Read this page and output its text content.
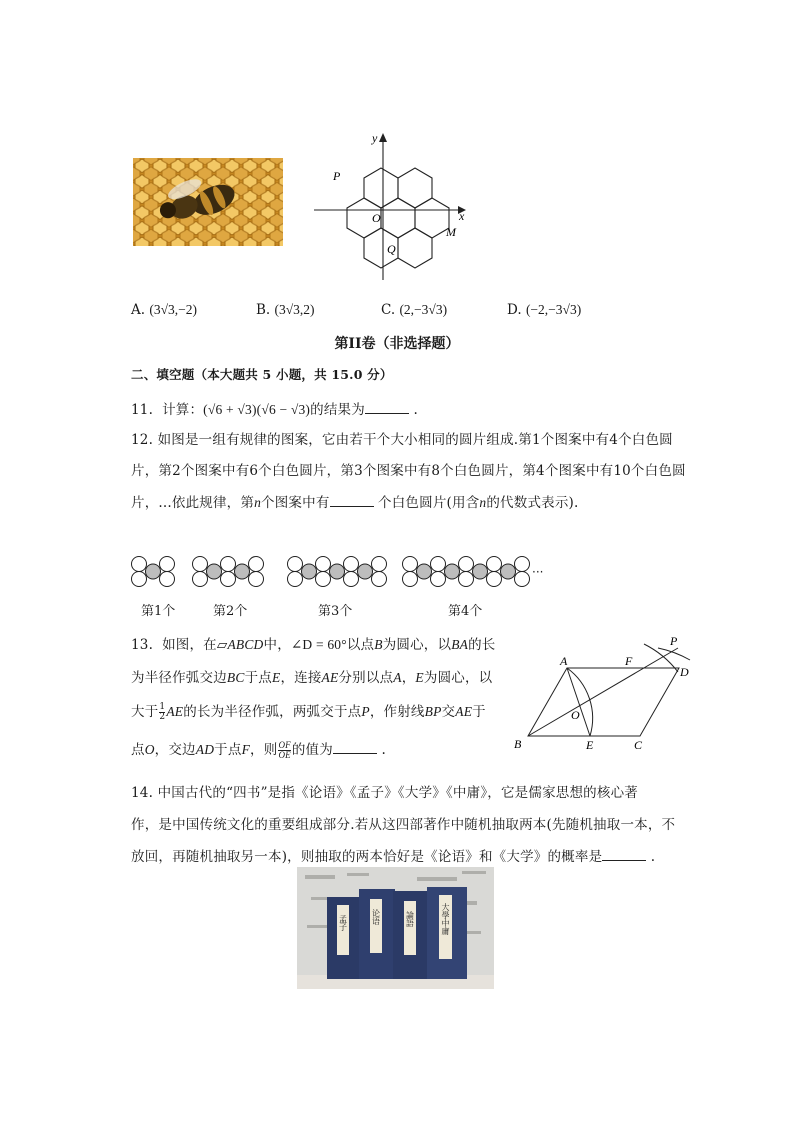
y
x
P
O
Q
M
A. (3√3,−2)	B. (3√3,2)	C. (2,−3√3)	D. (−2,−3√3)
第II卷（非选择题）
二、填空题（本大题共 5 小题，共 15.0 分）
11. 计算：(√6 + √3)(√6 − √3)的结果为	.
12. 如图是一组有规律的图案，它由若干个大小相同的圆片组成.第1个图案中有4个白色圆
片，第2个图案中有6个白色圆片，第3个图案中有8个白色圆片，第4个图案中有10个白色圆
片，...依此规律，第n个图案中有	个白色圆片(用含n的代数式表示).
···
第1个	第2个	第3个	第4个
13. 如图，在▱ABCD中，∠D = 60°以点B为圆心，以BA的长
为半径作弧交边BC于点E，连接AE分别以点A，E为圆心，以
大于 $\frac{1}{2}$ AE的长为半径作弧，两弧交于点P，作射线BP交AE于
点O，交边AD于点F，则 $\frac{OF}{OE}$ 的值为	.
A	F
P
D
O
B	E	C
14. 中国古代的“四书”是指《论语》《孟子》《大学》《中庸》，它是儒家思想的核心著
作，是中国传统文化的重要组成部分.若从这四部著作中随机抽取两本(先随机抽取一本，不
放回，再随机抽取另一本)，则抽取的两本恰好是《论语》和《大学》的概率是	.
孟子	论语	論語	大學中庸
